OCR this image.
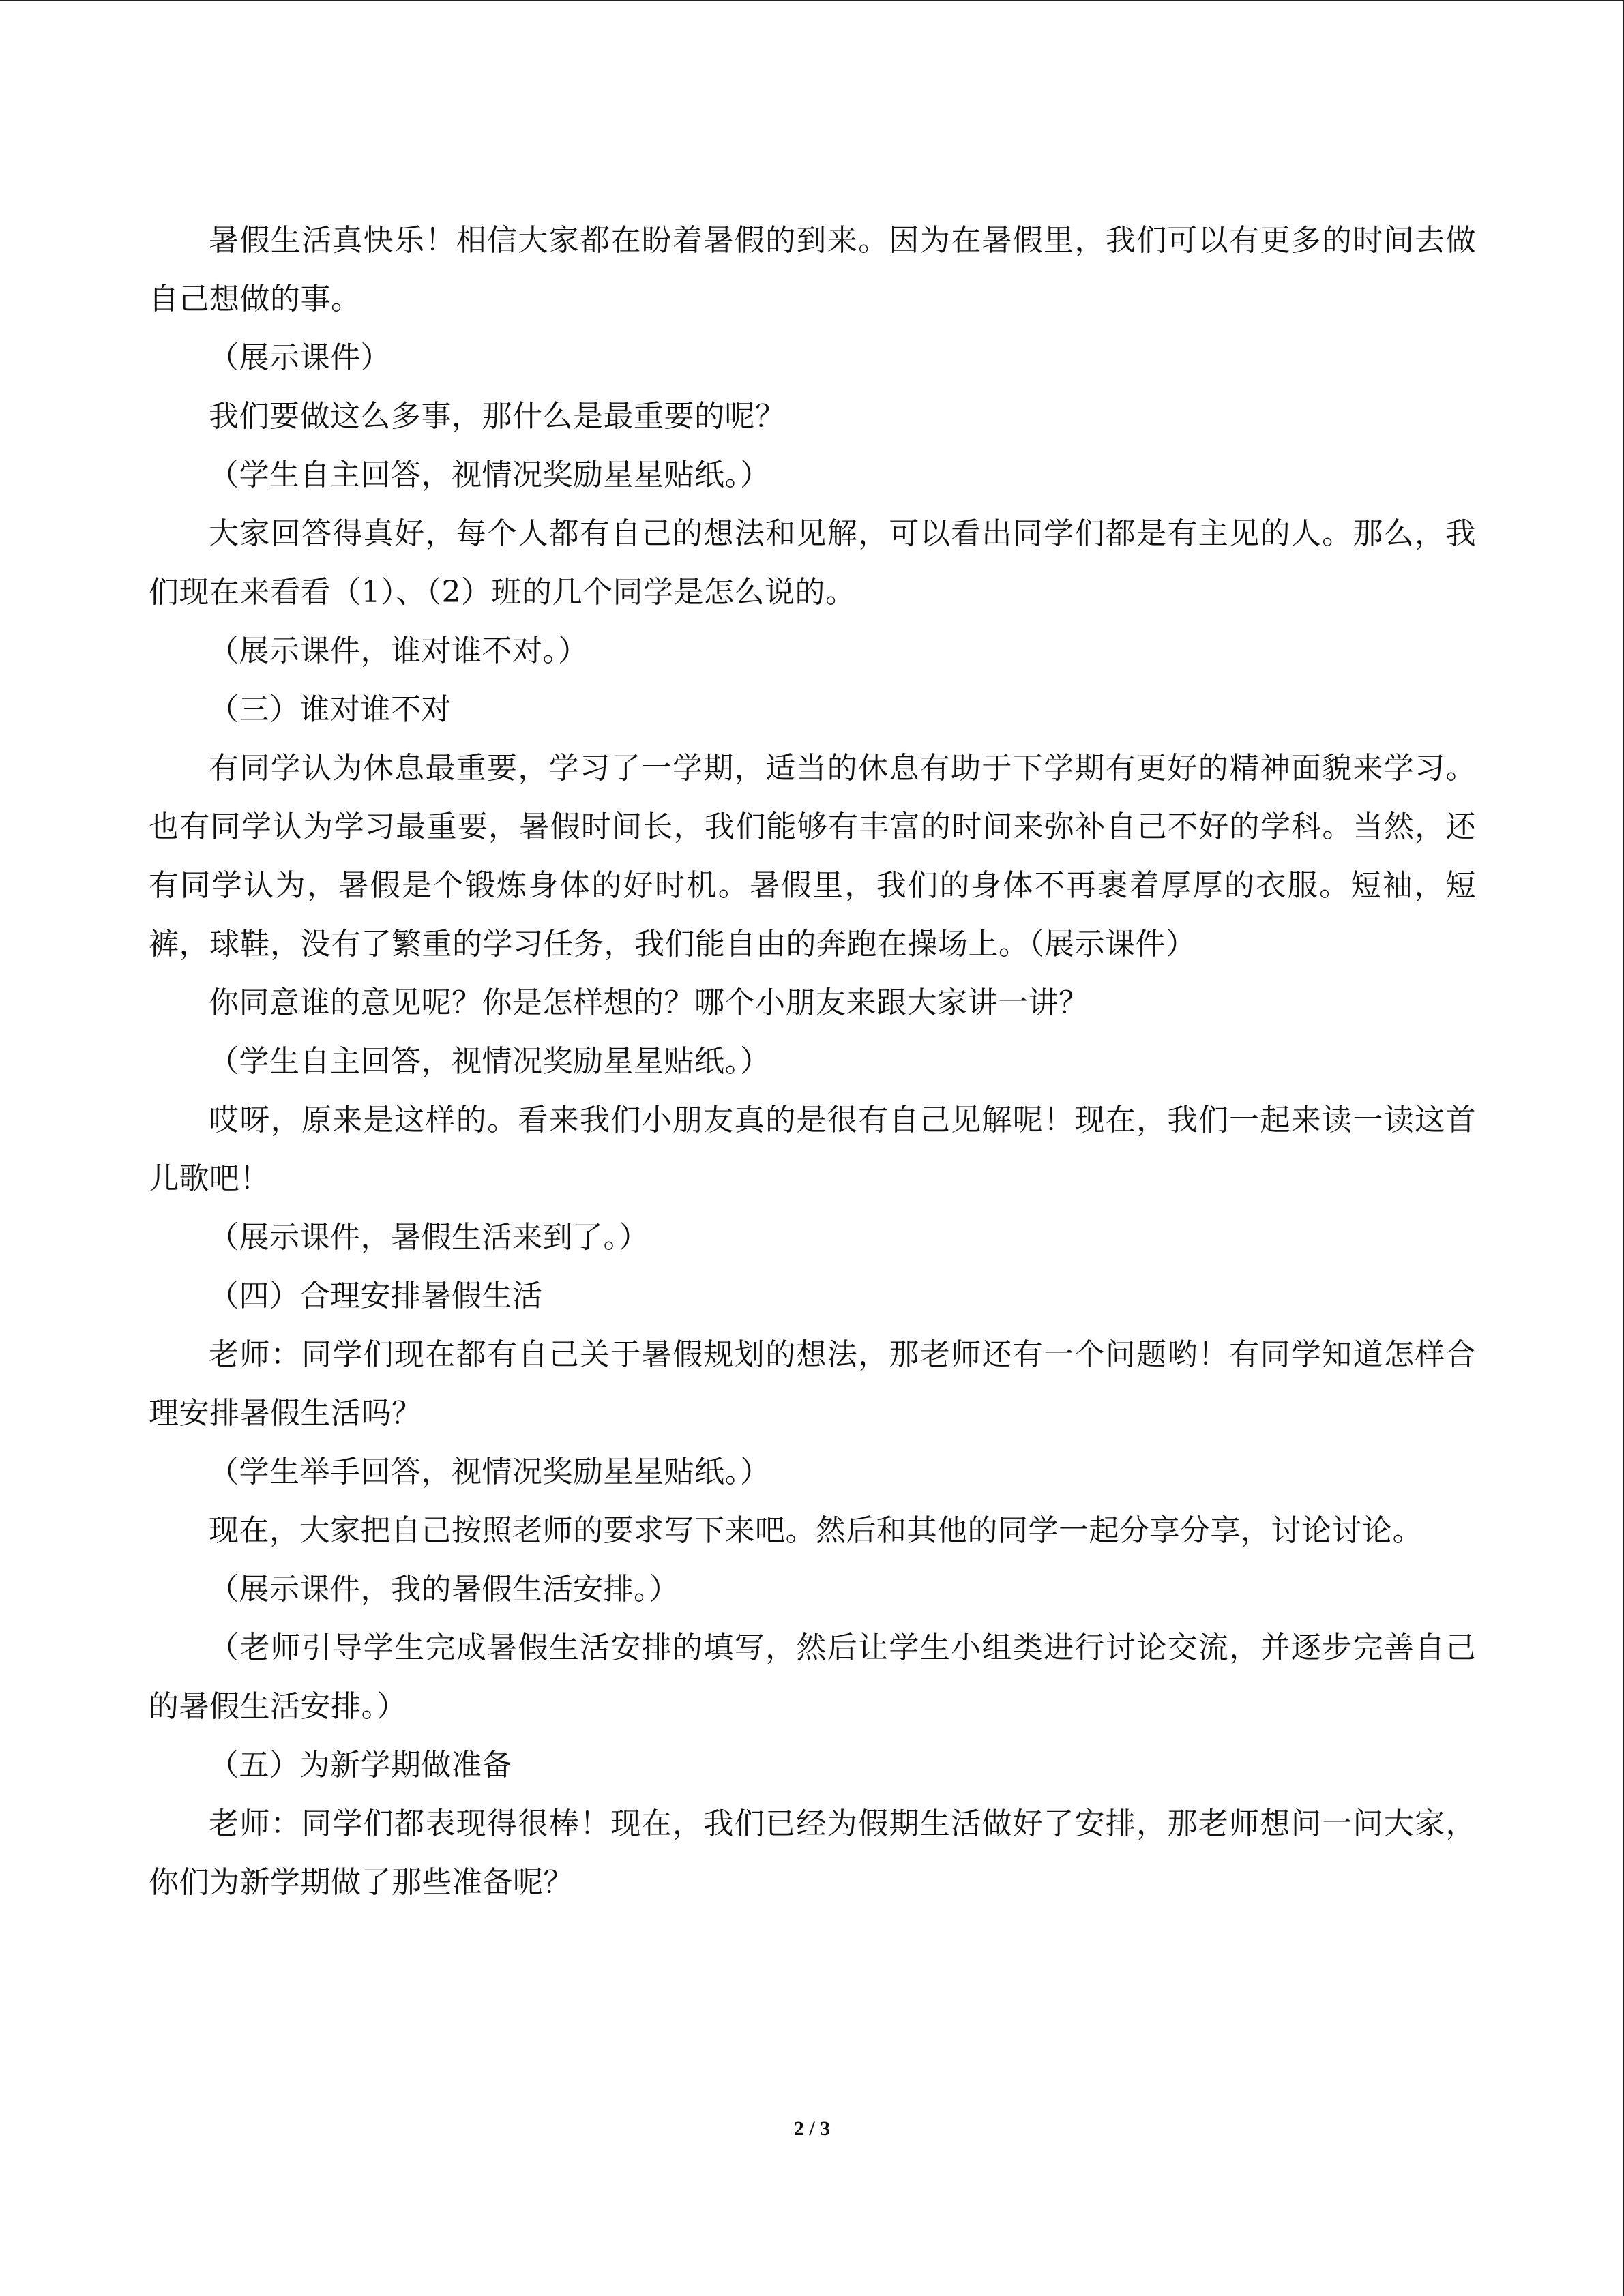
暑假生活真快乐！相信大家都在盼着暑假的到来。因为在暑假里，我们可以有更多的时间去做自己想做的事。

（展示课件）

我们要做这么多事，那什么是最重要的呢？

（学生自主回答，视情况奖励星星贴纸。）

大家回答得真好，每个人都有自己的想法和见解，可以看出同学们都是有主见的人。那么，我们现在来看看（1）、（2）班的几个同学是怎么说的。

（展示课件，谁对谁不对。）

（三）谁对谁不对

有同学认为休息最重要，学习了一学期，适当的休息有助于下学期有更好的精神面貌来学习。也有同学认为学习最重要，暑假时间长，我们能够有丰富的时间来弥补自己不好的学科。当然，还有同学认为，暑假是个锻炼身体的好时机。暑假里，我们的身体不再裹着厚厚的衣服。短袖，短裤，球鞋，没有了繁重的学习任务，我们能自由的奔跑在操场上。（展示课件）

你同意谁的意见呢？你是怎样想的？哪个小朋友来跟大家讲一讲？

（学生自主回答，视情况奖励星星贴纸。）

哎呀，原来是这样的。看来我们小朋友真的是很有自己见解呢！现在，我们一起来读一读这首儿歌吧！

（展示课件，暑假生活来到了。）

（四）合理安排暑假生活

老师：同学们现在都有自己关于暑假规划的想法，那老师还有一个问题哟！有同学知道怎样合理安排暑假生活吗？

（学生举手回答，视情况奖励星星贴纸。）

现在，大家把自己按照老师的要求写下来吧。然后和其他的同学一起分享分享，讨论讨论。

（展示课件，我的暑假生活安排。）

（老师引导学生完成暑假生活安排的填写，然后让学生小组类进行讨论交流，并逐步完善自己的暑假生活安排。）

（五）为新学期做准备

老师：同学们都表现得很棒！现在，我们已经为假期生活做好了安排，那老师想问一问大家，你们为新学期做了那些准备呢？

2 / 3
